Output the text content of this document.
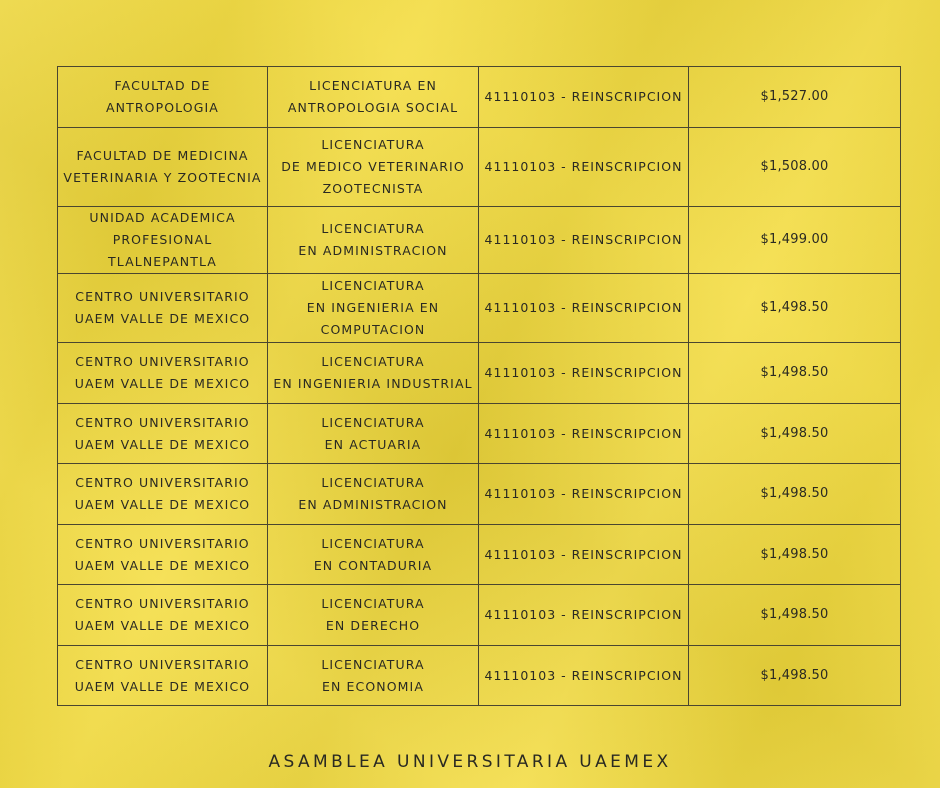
FACULTAD DE ANTROPOLOGIA	LICENCIATURA EN
ANTROPOLOGIA SOCIAL	41110103 - REINSCRIPCION	$1,527.00
FACULTAD DE MEDICINA
VETERINARIA Y ZOOTECNIA	LICENCIATURA
DE MEDICO VETERINARIO
ZOOTECNISTA	41110103 - REINSCRIPCION	$1,508.00
UNIDAD ACADEMICA
PROFESIONAL TLALNEPANTLA	LICENCIATURA
EN ADMINISTRACION	41110103 - REINSCRIPCION	$1,499.00
CENTRO UNIVERSITARIO
UAEM VALLE DE MEXICO	LICENCIATURA
EN INGENIERIA EN
COMPUTACION	41110103 - REINSCRIPCION	$1,498.50
CENTRO UNIVERSITARIO
UAEM VALLE DE MEXICO	LICENCIATURA
EN INGENIERIA INDUSTRIAL	41110103 - REINSCRIPCION	$1,498.50
CENTRO UNIVERSITARIO
UAEM VALLE DE MEXICO	LICENCIATURA
EN ACTUARIA	41110103 - REINSCRIPCION	$1,498.50
CENTRO UNIVERSITARIO
UAEM VALLE DE MEXICO	LICENCIATURA
EN ADMINISTRACION	41110103 - REINSCRIPCION	$1,498.50
CENTRO UNIVERSITARIO
UAEM VALLE DE MEXICO	LICENCIATURA
EN CONTADURIA	41110103 - REINSCRIPCION	$1,498.50
CENTRO UNIVERSITARIO
UAEM VALLE DE MEXICO	LICENCIATURA
EN DERECHO	41110103 - REINSCRIPCION	$1,498.50
CENTRO UNIVERSITARIO
UAEM VALLE DE MEXICO	LICENCIATURA
EN ECONOMIA	41110103 - REINSCRIPCION	$1,498.50
ASAMBLEA UNIVERSITARIA UAEMEX
